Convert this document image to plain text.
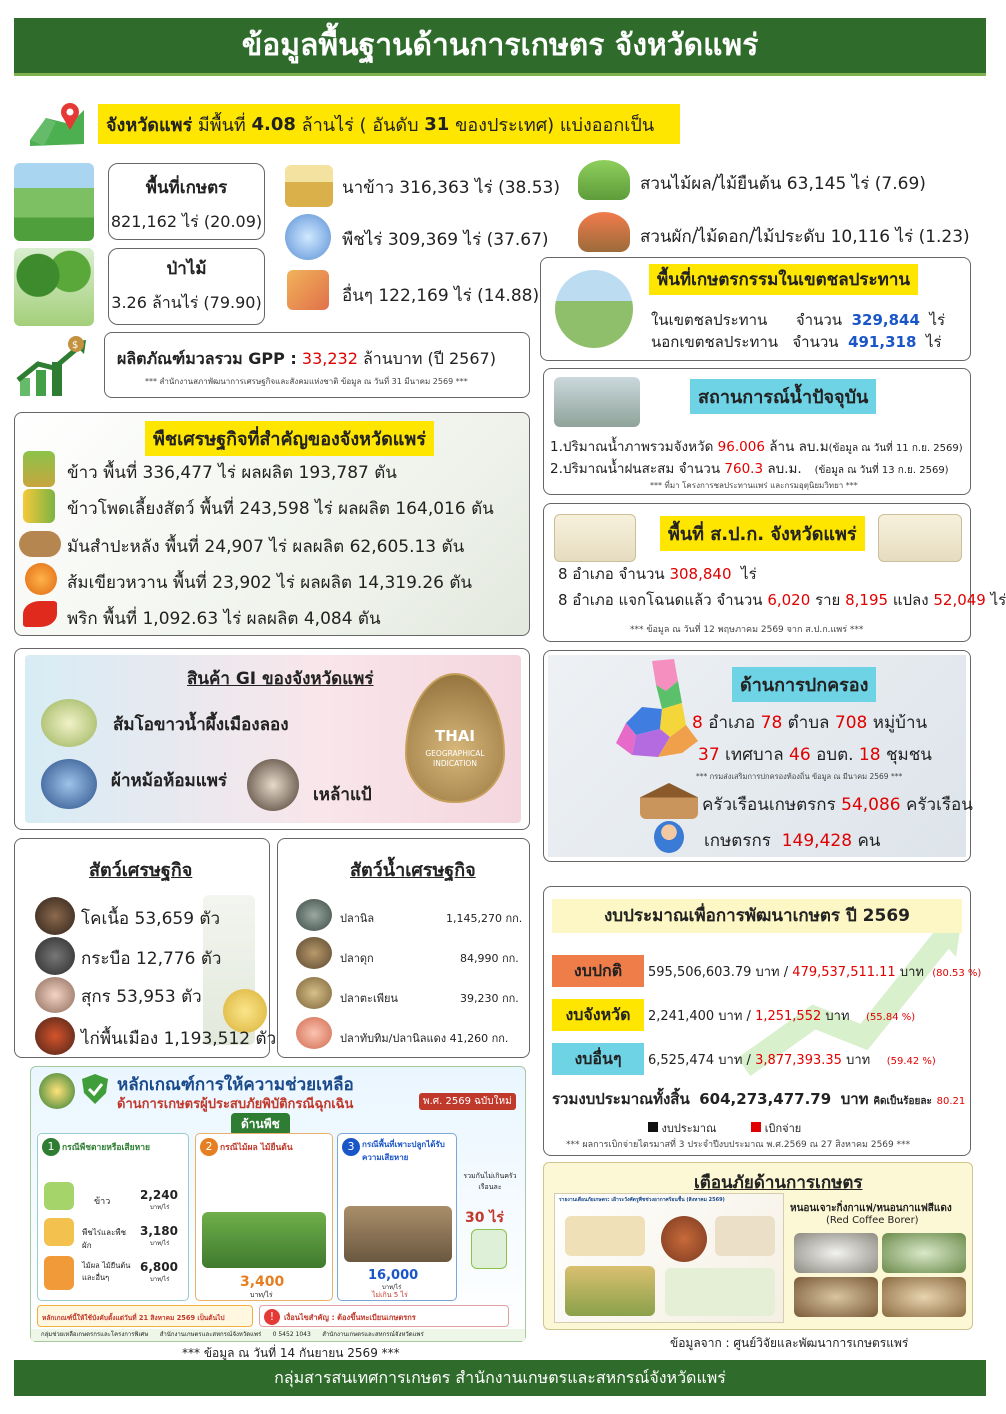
ข้อมูลพื้นฐานด้านการเกษตร จังหวัดแพร่
จังหวัดแพร่
มีพื้นที่
4.08
ล้านไร่ ( อันดับ
31
ของประเทศ) แบ่งออกเป็น
พื้นที่เกษตร
821,162 ไร่ (20.09)
ป่าไม้
3.26 ล้านไร่ (79.90)
นาข้าว 316,363 ไร่ (38.53)
พืชไร่ 309,369 ไร่ (37.67)
อื่นๆ 122,169 ไร่ (14.88)
สวนไม้ผล/ไม้ยืนต้น 63,145 ไร่ (7.69)
สวนผัก/ไม้ดอก/ไม้ประดับ 10,116 ไร่ (1.23)
พื้นที่เกษตรกรรมในเขตชลประทาน
ในเขตชลประทาน จำนวน 329,844 ไร่
นอกเขตชลประทาน จำนวน 491,318 ไร่
$
ผลิตภัณฑ์มวลรวม GPP : 33,232 ล้านบาท (ปี 2567)
*** สำนักงานสภาพัฒนาการเศรษฐกิจและสังคมแห่งชาติ ข้อมูล ณ วันที่ 31 มีนาคม 2569 ***
สถานการณ์น้ำปัจจุบัน
1.ปริมาณน้ำภาพรวมจังหวัด 96.006 ล้าน ลบ.ม(ข้อมูล ณ วันที่ 11 ก.ย. 2569)
2.ปริมาณน้ำฝนสะสม จำนวน 760.3 ลบ.ม. (ข้อมูล ณ วันที่ 13 ก.ย. 2569)
*** ที่มา โครงการชลประทานแพร่ และกรมอุตุนิยมวิทยา ***
พืชเศรษฐกิจที่สำคัญของจังหวัดแพร่
ข้าว พื้นที่ 336,477 ไร่ ผลผลิต 193,787 ตัน
ข้าวโพดเลี้ยงสัตว์ พื้นที่ 243,598 ไร่ ผลผลิต 164,016 ตัน
มันสำปะหลัง พื้นที่ 24,907 ไร่ ผลผลิต 62,605.13 ตัน
ส้มเขียวหวาน พื้นที่ 23,902 ไร่ ผลผลิต 14,319.26 ตัน
พริก พื้นที่ 1,092.63 ไร่ ผลผลิต 4,084 ตัน
พื้นที่ ส.ป.ก. จังหวัดแพร่
8 อำเภอ จำนวน 308,840 ไร่
8 อำเภอ แจกโฉนดแล้ว จำนวน 6,020 ราย 8,195 แปลง 52,049 ไร่
*** ข้อมูล ณ วันที่ 12 พฤษภาคม 2569 จาก ส.ป.ก.แพร่ ***
สินค้า GI ของจังหวัดแพร่
ส้มโอขาวน้ำผึ้งเมืองลอง
ผ้าหม้อห้อมแพร่
เหล้าแป้
THAI
GEOGRAPHICAL
INDICATION
ด้านการปกครอง
8 อำเภอ 78 ตำบล 708 หมู่บ้าน
37 เทศบาล 46 อบต. 18 ชุมชน
*** กรมส่งเสริมการปกครองท้องถิ่น ข้อมูล ณ มีนาคม 2569 ***
ครัวเรือนเกษตรกร 54,086 ครัวเรือน
เกษตรกร 149,428 คน
สัตว์เศรษฐกิจ
โคเนื้อ 53,659 ตัว
กระบือ 12,776 ตัว
สุกร 53,953 ตัว
ไก่พื้นเมือง 1,193,512 ตัว
สัตว์น้ำเศรษฐกิจ
ปลานิล	1,145,270 กก.
ปลาดุก	84,990 กก.
ปลาตะเพียน	39,230 กก.
ปลาทับทิม/ปลานิลแดง 41,260 กก.
งบประมาณเพื่อการพัฒนาเกษตร ปี 2569
งบปกติ	595,506,603.79 บาท / 479,537,511.11 บาท (80.53 %)
งบจังหวัด	2,241,400 บาท / 1,251,552 บาท (55.84 %)
งบอื่นๆ	6,525,474 บาท / 3,877,393.35 บาท (59.42 %)
รวมงบประมาณทั้งสิ้น 604,273,477.79 บาท คิดเป็นร้อยละ 80.21
งบประมาณ	เบิกจ่าย
*** ผลการเบิกจ่ายไตรมาสที่ 3 ประจำปีงบประมาณ พ.ศ.2569 ณ 27 สิงหาคม 2569 ***
หลักเกณฑ์การให้ความช่วยเหลือ
ด้านการเกษตรผู้ประสบภัยพิบัติกรณีฉุกเฉิน	พ.ศ. 2569 ฉบับใหม่
ด้านพืช
1 กรณีพืชตายหรือเสียหาย
ข้าว 2,240
บาท/ไร่
พืชไร่และพืชผัก
3,180
บาท/ไร่
ไม้ผล ไม้ยืนต้นและอื่นๆ
6,800
บาท/ไร่
2 กรณีไม้ผล ไม้ยืนต้น
3,400
บาท/ไร่
3 กรณีพื้นที่เพาะปลูกได้รับความเสียหาย
16,000
บาท/ไร่
ไม่เกิน 5 ไร่
รวมกันไม่เกินครัวเรือนละ
30 ไร่
หลักเกณฑ์นี้ให้ใช้บังคับตั้งแต่วันที่ 21 สิงหาคม 2569 เป็นต้นไป	!	เงื่อนไขสำคัญ : ต้องขึ้นทะเบียนเกษตรกร
กลุ่มช่วยเหลือเกษตรกรและโครงการพิเศษ สำนักงานเกษตรและสหกรณ์จังหวัดแพร่ 0 5452 1043 สำนักงานเกษตรและสหกรณ์จังหวัดแพร่
*** ข้อมูล ณ วันที่ 14 กันยายน 2569 ***
เตือนภัยด้านการเกษตร
รายงานเตือนภัยเกษตร: เฝ้าระวังศัตรูพืชช่วงอากาศร้อนชื้น (สิงหาคม 2569)
หนอนเจาะกิ่งกาแฟ/หนอนกาแฟสีแดง
(Red Coffee Borer)
ข้อมูลจาก : ศูนย์วิจัยและพัฒนาการเกษตรแพร่
กลุ่มสารสนเทศการเกษตร สำนักงานเกษตรและสหกรณ์จังหวัดแพร่
